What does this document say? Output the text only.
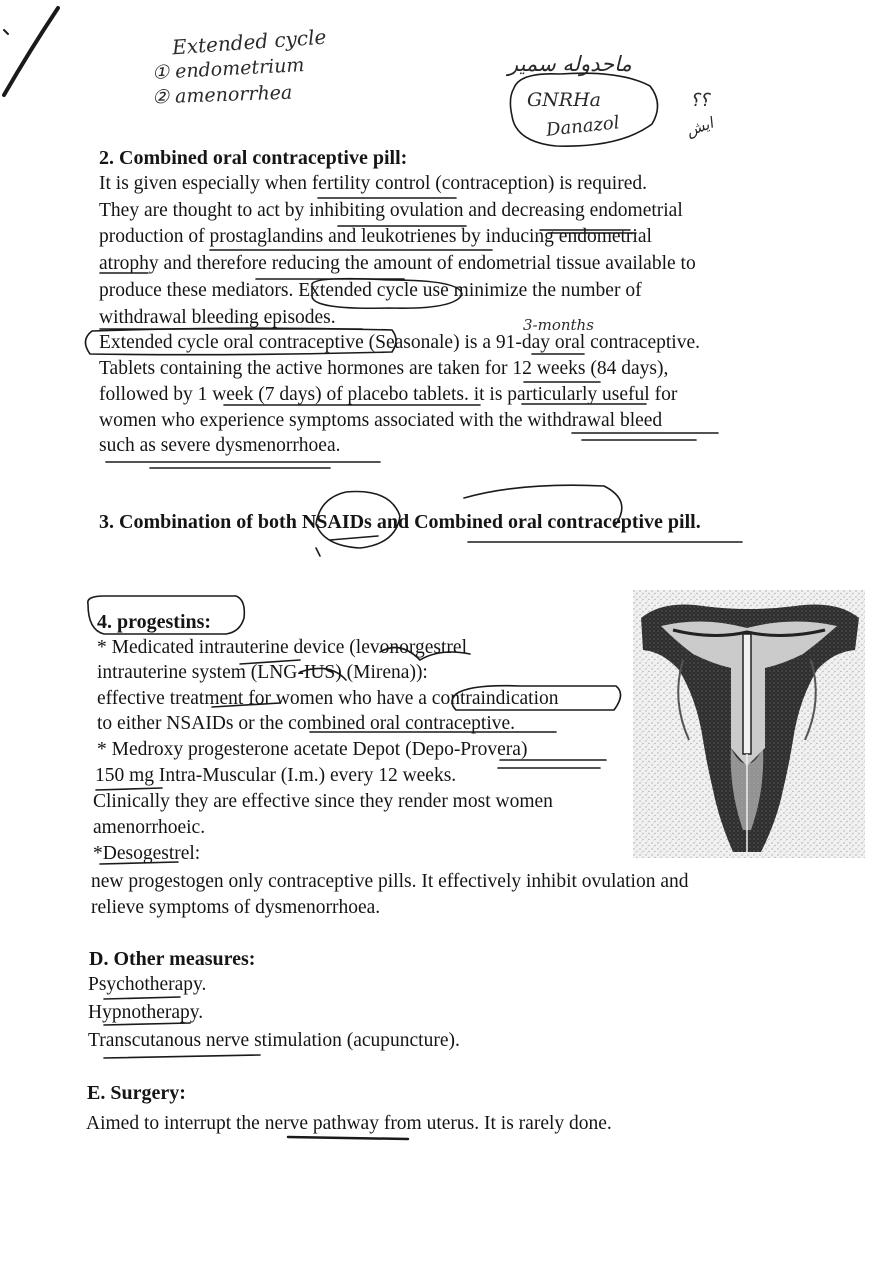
Extended cycle
① endometrium
② amenorrhea
ماحدوله سمير
GNRHa
Danazol
؟؟
ايش
3-months
2. Combined oral contraceptive pill:
It is given especially when fertility control (contraception) is required.
They are thought to act by inhibiting ovulation and decreasing endometrial
production of prostaglandins and leukotrienes by inducing endometrial
atrophy and therefore reducing the amount of endometrial tissue available to
produce these mediators. Extended cycle use minimize the number of
withdrawal bleeding episodes.
Extended cycle oral contraceptive (Seasonale) is a 91-day oral contraceptive.
Tablets containing the active hormones are taken for 12 weeks (84 days),
followed by 1 week (7 days) of placebo tablets. it is particularly useful for
women who experience symptoms associated with the withdrawal bleed
such as severe dysmenorrhoea.
3. Combination of both NSAIDs and Combined oral contraceptive pill.
4. progestins:
* Medicated intrauterine device (levonorgestrel
intrauterine system (LNG-IUS) (Mirena)):
effective treatment for women who have a contraindication
to either NSAIDs or the combined oral contraceptive.
* Medroxy progesterone acetate Depot (Depo-Provera)
150 mg Intra-Muscular (I.m.) every 12 weeks.
Clinically they are effective since they render most women
amenorrhoeic.
*Desogestrel:
new progestogen only contraceptive pills. It effectively inhibit ovulation and
relieve symptoms of dysmenorrhoea.
D. Other measures:
Psychotherapy.
Hypnotherapy.
Transcutanous nerve stimulation (acupuncture).
E. Surgery:
Aimed to interrupt the nerve pathway from uterus. It is rarely done.
